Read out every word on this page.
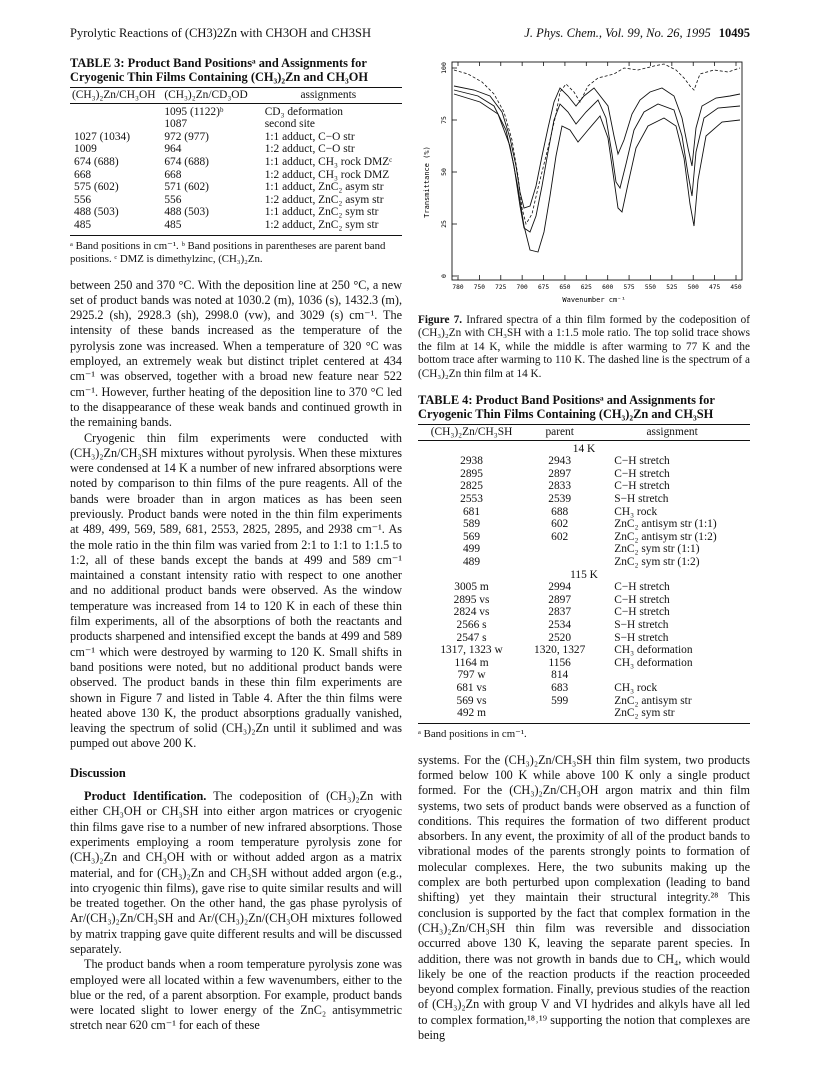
Pyrolytic Reactions of (CH3)2Zn with CH3OH and CH3SH	J. Phys. Chem., Vol. 99, No. 26, 1995 10495
TABLE 3: Product Band Positionsᵃ and Assignments for Cryogenic Thin Films Containing (CH₃)₂Zn and CH₃OH
(CH₃)₂Zn/CH₃OH	(CH₃)₂Zn/CD₃OD	assignments
	1095 (1122)ᵇ	CD₃ deformation
	1087	second site
1027 (1034)	972 (977)	1:1 adduct, C−O str
1009	964	1:2 adduct, C−O str
674 (688)	674 (688)	1:1 adduct, CH₃ rock DMZᶜ
668	668	1:2 adduct, CH₃ rock DMZ
575 (602)	571 (602)	1:1 adduct, ZnC₂ asym str
556	556	1:2 adduct, ZnC₂ asym str
488 (503)	488 (503)	1:1 adduct, ZnC₂ sym str
485	485	1:2 adduct, ZnC₂ sym str
ᵃ Band positions in cm⁻¹. ᵇ Band positions in parentheses are parent band positions. ᶜ DMZ is dimethylzinc, (CH₃)₂Zn.

between 250 and 370 °C. With the deposition line at 250 °C, a new set of product bands was noted at 1030.2 (m), 1036 (s), 1432.3 (m), 2925.2 (sh), 2928.3 (sh), 2998.0 (vw), and 3029 (s) cm⁻¹. The intensity of these bands increased as the temperature of the pyrolysis zone was increased. When a temperature of 320 °C was employed, an extremely weak but distinct triplet centered at 434 cm⁻¹ was observed, together with a broad new feature near 522 cm⁻¹. However, further heating of the deposition line to 370 °C led to the disappearance of these weak bands and continued growth in the remaining bands.

Cryogenic thin film experiments were conducted with (CH₃)₂Zn/CH₃SH mixtures without pyrolysis. When these mixtures were condensed at 14 K a number of new infrared absorptions were noted by comparison to thin films of the pure reagents. All of the bands were broader than in argon matices as has been seen previously. Product bands were noted in the thin film experiments at 489, 499, 569, 589, 681, 2553, 2825, 2895, and 2938 cm⁻¹. As the mole ratio in the thin film was varied from 2:1 to 1:1 to 1:1.5 to 1:2, all of these bands except the bands at 499 and 589 cm⁻¹ maintained a constant intensity ratio with respect to one another and no additional product bands were observed. As the window temperature was increased from 14 to 120 K in each of these thin film experiments, all of the absorptions of both the reactants and products sharpened and intensified except the bands at 499 and 589 cm⁻¹ which were destroyed by warming to 120 K. Small shifts in band positions were noted, but no additional product bands were observed. The product bands in these thin film experiments are shown in Figure 7 and listed in Table 4. After the thin films were heated above 130 K, the product absorptions gradually vanished, leaving the spectrum of solid (CH₃)₂Zn until it sublimed and was pumped out above 200 K.

Discussion

Product Identification. The codeposition of (CH₃)₂Zn with either CH₃OH or CH₃SH into either argon matrices or cryogenic thin films gave rise to a number of new infrared absorptions. Those experiments employing a room temperature pyrolysis zone for (CH₃)₂Zn and CH₃OH with or without added argon as a matrix material, and for (CH₃)₂Zn and CH₃SH without added argon (e.g., into cryogenic thin films), gave rise to quite similar results and will be treated together. On the other hand, the gas phase pyrolysis of Ar/(CH₃)₂Zn/CH₃SH and Ar/(CH₃)₂Zn/(CH₃OH mixtures followed by matrix trapping gave quite different results and will be discussed separately.

The product bands when a room temperature pyrolysis zone was employed were all located within a few wavenumbers, either to the blue or the red, of a parent absorption. For example, product bands were located slight to lower energy of the ZnC₂ antisymmetric stretch near 620 cm⁻¹ for each of these

0
25
50
75
100
780 750 725 700 675 650 625 600 575 550 525 500 475 450
Transmittance (%)
Wavenumber cm⁻¹
Figure 7. Infrared spectra of a thin film formed by the codeposition of (CH₃)₂Zn with CH₃SH with a 1:1.5 mole ratio. The top solid trace shows the film at 14 K, while the middle is after warming to 77 K and the bottom trace after warming to 110 K. The dashed line is the spectrum of a (CH₃)₂Zn thin film at 14 K.
TABLE 4: Product Band Positionsᵃ and Assignments for Cryogenic Thin Films Containing (CH₃)₂Zn and CH₃SH
(CH₃)₂Zn/CH₃SH	parent	assignment
14 K		
2938	2943	C−H stretch
2895	2897	C−H stretch
2825	2833	C−H stretch
2553	2539	S−H stretch
681	688	CH₃ rock
589	602	ZnC₂ antisym str (1:1)
569	602	ZnC₂ antisym str (1:2)
499		ZnC₂ sym str (1:1)
489		ZnC₂ sym str (1:2)
115 K		
3005 m	2994	C−H stretch
2895 vs	2897	C−H stretch
2824 vs	2837	C−H stretch
2566 s	2534	S−H stretch
2547 s	2520	S−H stretch
1317, 1323 w	1320, 1327	CH₃ deformation
1164 m	1156	CH₃ deformation
797 w	814	
681 vs	683	CH₃ rock
569 vs	599	ZnC₂ antisym str
492 m		ZnC₂ sym str
ᵃ Band positions in cm⁻¹.

systems. For the (CH₃)₂Zn/CH₃SH thin film system, two products formed below 100 K while above 100 K only a single product formed. For the (CH₃)₂Zn/CH₃OH argon matrix and thin film systems, two sets of product bands were observed as a function of conditions. This requires the formation of two different product absorbers. In any event, the proximity of all of the product bands to vibrational modes of the parents strongly points to formation of molecular complexes. Here, the two subunits making up the complex are both perturbed upon complexation (leading to band shifting) yet they maintain their structural integrity.²⁸ This conclusion is supported by the fact that complex formation in the (CH₃)₂Zn/CH₃SH thin film was reversible and dissociation occurred above 130 K, leaving the separate parent species. In addition, there was not growth in bands due to CH₄, which would likely be one of the reaction products if the reaction proceeded beyond complex formation. Finally, previous studies of the reaction of (CH₃)₂Zn with group V and VI hydrides and alkyls have all led to complex formation,¹⁸˒¹⁹ supporting the notion that complexes are being
